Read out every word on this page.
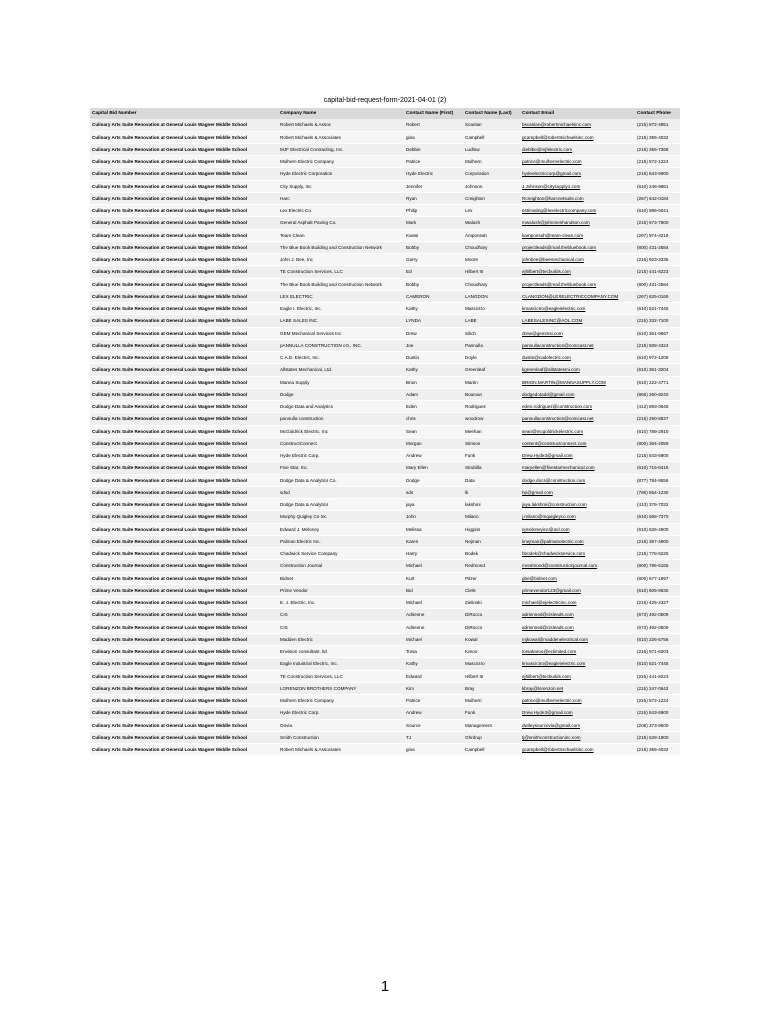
capital-bid-request-form-2021-04-01 (2)
Capital Bid Number	Company Name	Contact Name (First)	Contact Name (Last)	Contact Email	Contact Phone
Culinary Arts Suite Renovation at General Louis Wagner Middle School	Robert Michaels & Assoc	Robert	Scanlan	bscanlan@robertmichaelsinc.com	(215) 872-4951
Culinary Arts Suite Renovation at General Louis Wagner Middle School	Robert Michaels & Associates	gina	Campbell	gcampbell@robertmichaelsinc.com	(215) 355-4032
Culinary Arts Suite Renovation at General Louis Wagner Middle School	MJF Electrical Contracting, Inc.	Debbie	Ludlow	dieblbe@mjfelectric.com	(215) 355-7368
Culinary Arts Suite Renovation at General Louis Wagner Middle School	Mulhern Electric Company	Patrice	Mulhern	patrice@mulhernelectric.com	(215) 572-1224
Culinary Arts Suite Renovation at General Louis Wagner Middle School	Hyde Electric Corporation	Hyde Electric	Corporation	hydeelectriccorp@gmail.com	(215) 843-6900
Culinary Arts Suite Renovation at General Louis Wagner Middle School	City Supply, Inc	Jennifer	Johnson	J.Johnson@citysupply1.com	(610) 246-9981
Culinary Arts Suite Renovation at General Louis Wagner Middle School	Harc	Ryan	Creighton	Rcreighton@harcnetsuits.com	(267) 642-0184
Culinary Arts Suite Renovation at General Louis Wagner Middle School	Lex Electric Co.	Philip	Lex	estimating@lexelectriccompany.com	(610) 986-6041
Culinary Arts Suite Renovation at General Louis Wagner Middle School	General Asphalt Paving Co.	Mark	Walush	mwalush@johnmeshandson.com	(215) 673-7800
Culinary Arts Suite Renovation at General Louis Wagner Middle School	Team Clean	Kwasi	Amponsah	kamponsah@team-clean.com	(267) 974-4219
Culinary Arts Suite Renovation at General Louis Wagner Middle School	The Blue Book Building and Construction Network	Bobby	Choudhary	projectleads@mail.thebluebook.com	(800) 431-2584
Culinary Arts Suite Renovation at General Louis Wagner Middle School	John J. Bee, Inc	Garry	Moore	johnbee@beemechanical.com	(215) 923-3335
Culinary Arts Suite Renovation at General Louis Wagner Middle School	TE Construction Services, LLC	Ed	Hilbert III	ejhilbert@tecbuilds.com	(215) 441-8223
Culinary Arts Suite Renovation at General Louis Wagner Middle School	The Blue Book Building and Construction Network	Bobby	Choudhary	projectleads@mail.thebluebook.com	(800) 431-2584
Culinary Arts Suite Renovation at General Louis Wagner Middle School	LEX ELECTRIC	CAMERON	LANGDON	CLANGDON@LEXELECTRICCOMPANY.COM	(267) 625-0169
Culinary Arts Suite Renovation at General Louis Wagner Middle School	Eagle I. Electric, Inc.	Kathy	Mascictro	kmascictro@eagleielectric.com	(610) 521-7445
Culinary Arts Suite Renovation at General Louis Wagner Middle School	LABE SALES INC.	LYNDA	LABE	LABESALESINC@AOL.COM	(215) 332-7100
Culinary Arts Suite Renovation at General Louis Wagner Middle School	GEM Mechanical Services Inc	Drew	Silich	drew@gemmsi.com	(610) 361-9667
Culinary Arts Suite Renovation at General Louis Wagner Middle School	pANNULLA CONSTRUCTION cO., INC.	Joe	Pannulla	pannullaconstruction@comcast.net	(215) 508-4324
Culinary Arts Suite Renovation at General Louis Wagner Middle School	C.A.D. Electric, Inc.	Dustin	Doyle	dustin@cadelectric.com	(610) 972-1209
Culinary Arts Suite Renovation at General Louis Wagner Middle School	Allstates Mechanical, Ltd.	Kathy	Greenleaf	kgreenleaf@allstatesmi.com	(610) 361-3204
Culinary Arts Suite Renovation at General Louis Wagner Middle School	Manna Supply	Brion	Martin	BRION.MARTIN@MANNASUPPLY.COM	(610) 222-4771
Culinary Arts Suite Renovation at General Louis Wagner Middle School	Dodge	Adam	Bouman	dodgedotadd@gmail.com	(866) 260-9240
Culinary Arts Suite Renovation at General Louis Wagner Middle School	Dodge Data and Analytics	Eden	Rodriguez	eden.rodriguez@construction.com	(413) 893-0645
Culinary Arts Suite Renovation at General Louis Wagner Middle School	pannulla construction	chris	woodrow	pannullaconstruction@comcast.net	(215) 290-8637
Culinary Arts Suite Renovation at General Louis Wagner Middle School	McGoldrick Electric, Inc	Sean	Meehan	sean@mcgoldrickelectric.com	(610) 789-2910
Culinary Arts Suite Renovation at General Louis Wagner Middle School	ConstructConnect	Morgan	Stinson	content@constructconnect.com	(800) 364-2059
Culinary Arts Suite Renovation at General Louis Wagner Middle School	Hyde Electric Corp.	Andrew	Funk	Drew.Hyde3@gmail.com	(215) 843-6900
Culinary Arts Suite Renovation at General Louis Wagner Middle School	Five Star, Inc.	Mary Ellen	Strubilla	maryellen@fivestarmechanical.com	(610) 716-6415
Culinary Arts Suite Renovation at General Louis Wagner Middle School	Dodge Data & Analytics Co.	Dodge	Data	dodge.docs@construction.com	(877) 784-9556
Culinary Arts Suite Renovation at General Louis Wagner Middle School	sdsd	sds	lk	hp@gmail.com	(786) 654-1230
Culinary Arts Suite Renovation at General Louis Wagner Middle School	Dodge Data & Analytics	jaya	lakshmi	jaya.lakshmi@construction.com	(413) 376-7032
Culinary Arts Suite Renovation at General Louis Wagner Middle School	Murphy Quigley Co Inc	John	Milano	j.milano@mquigleyco.com	(610) 668-7370
Culinary Arts Suite Renovation at General Louis Wagner Middle School	Edward J. Meloney	Melissa	Higgins	ejmeloneyinc@aol.com	(610) 626-4900
Culinary Arts Suite Renovation at General Louis Wagner Middle School	Palman Electric Inc.	Karen	Nejman	knejman@palmanelectric.com	(215) 357-4900
Culinary Arts Suite Renovation at General Louis Wagner Middle School	Chadwick Service Company	Harry	Bodek	hbodek@chadwickservice.com	(215) 778-6225
Culinary Arts Suite Renovation at General Louis Wagner Middle School	Construction Journal	Michael	Redmond	mredmond@constructionjournal.com	(800) 785-5165
Culinary Arts Suite Renovation at General Louis Wagner Middle School	Bidnet	Kurt	Pitzer	gbe@bidnet.com	(800) 677-1997
Culinary Arts Suite Renovation at General Louis Wagner Middle School	Prime Vendor	Bid	Clerk	primevendor123@gmail.com	(610) 605-9630
Culinary Arts Suite Renovation at General Louis Wagner Middle School	E. J. Electric, Inc.	Michael	Zielinski	michael@ejelectricinc.com	(215) 425-2327
Culinary Arts Suite Renovation at General Louis Wagner Middle School	CIS	Adrienne	DiRocco	adrienned@cisleads.com	(673) 492-0509
Culinary Arts Suite Renovation at General Louis Wagner Middle School	CIS	Adrienne	DiRocco	adrienned@cisleads.com	(673) 492-0509
Culinary Arts Suite Renovation at General Louis Wagner Middle School	Madden Electric	Michael	Kowal	mjkowal@maddenelectrical.com	(610) 226-5756
Culinary Arts Suite Renovation at General Louis Wagner Middle School	Envision consultant, ltd	Tonia	Karoo	toniakaroo@eclimited.com	(215) 971-6203
Culinary Arts Suite Renovation at General Louis Wagner Middle School	Eagle Industrial Electric, Inc.	Kathy	Mascictro	kmascictro@eagleielectric.com	(610) 521-7445
Culinary Arts Suite Renovation at General Louis Wagner Middle School	TE Construction Services, LLC	Edward	Hilbert III	ejhilbert@tecbuilds.com	(215) 441-8223
Culinary Arts Suite Renovation at General Louis Wagner Middle School	LORENZON BROTHERS COMPANY	Kim	Bray	kbray@lorenzon.net	(215) 247-0642
Culinary Arts Suite Renovation at General Louis Wagner Middle School	Mulhern Electric Company	Patrice	Mulhern	patrice@mulhernelectric.com	(215) 572-1224
Culinary Arts Suite Renovation at General Louis Wagner Middle School	Hyde Electric Corp.	Andrew	Funk	Drew.Hyde3@gmail.com	(215) 843-6900
Culinary Arts Suite Renovation at General Louis Wagner Middle School	Onvia	Source	Management	dwileysourcevia@gmail.com	(206) 373-9500
Culinary Arts Suite Renovation at General Louis Wagner Middle School	Smith Construction	TJ	Ohrdrup	tj@smithconstructioninc.com	(215) 628-1900
Culinary Arts Suite Renovation at General Louis Wagner Middle School	Robert Michaels & Associates	gina	Campbell	gcampbell@robertmichaelsinc.com	(215) 355-4032
1
